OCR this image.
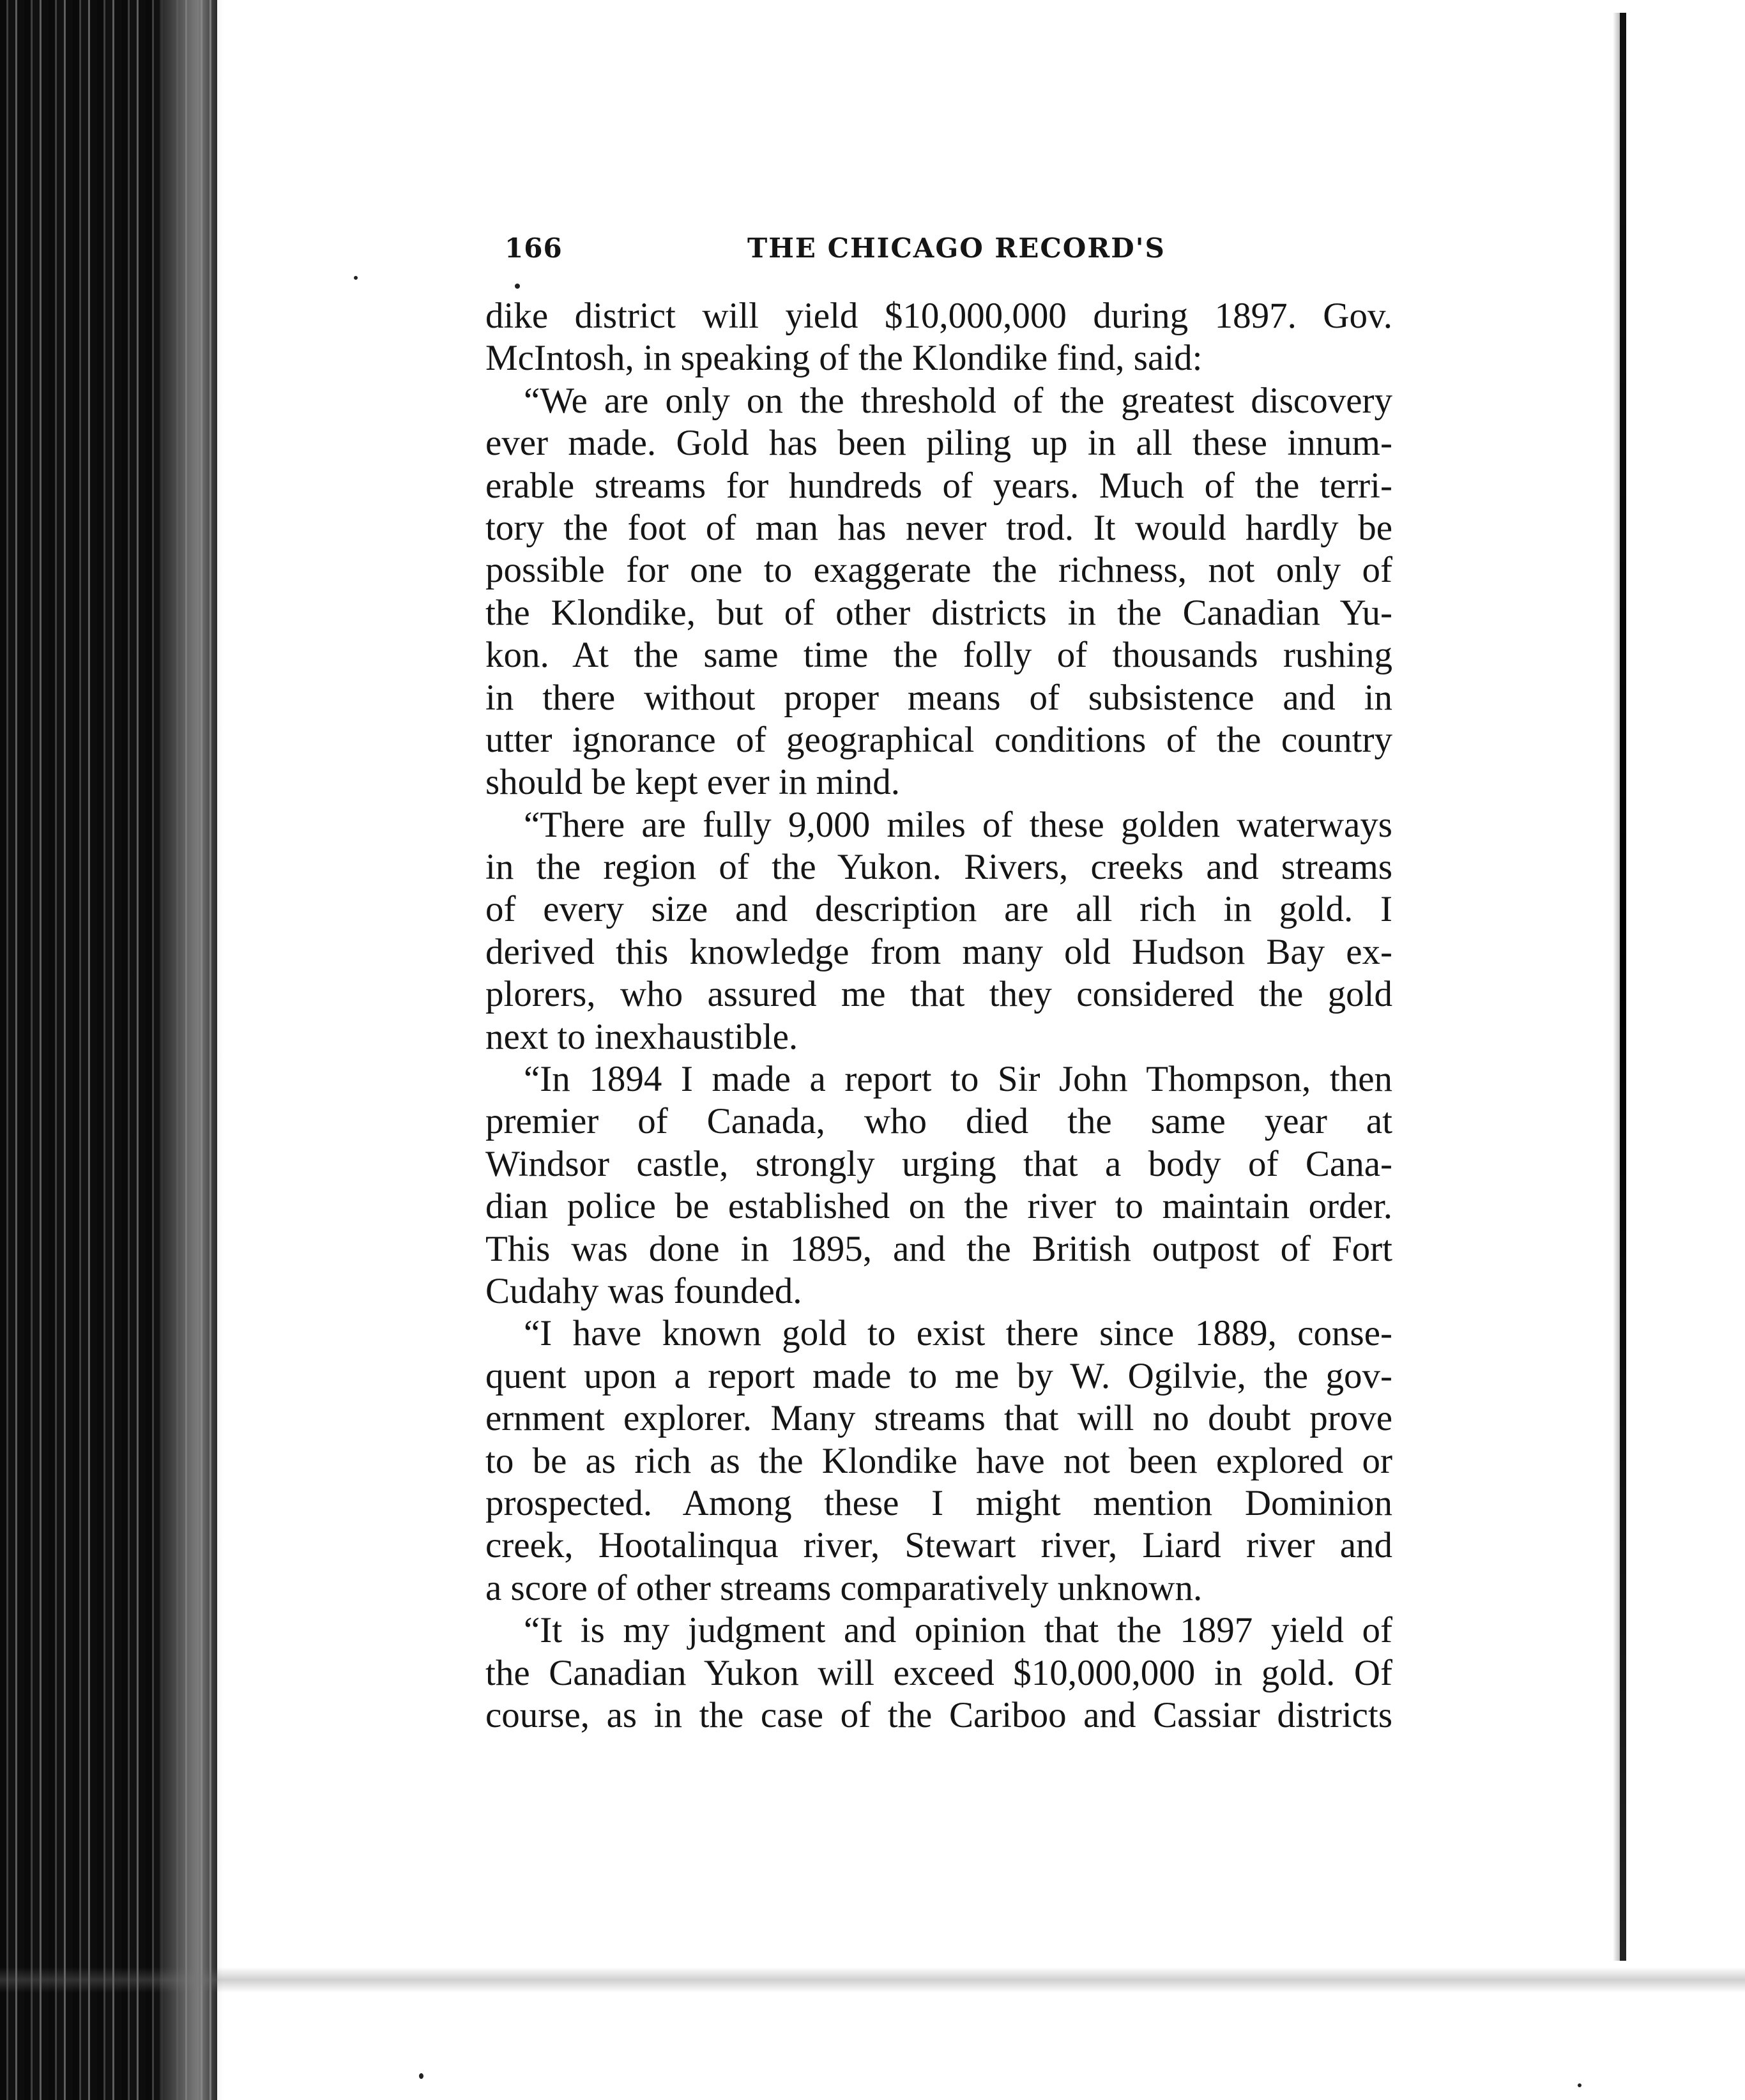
166	THE CHICAGO RECORD'S
dike district will yield $10,000,000 during 1897. Gov.
McIntosh, in speaking of the Klondike find, said:
“We are only on the threshold of the greatest discovery
ever made. Gold has been piling up in all these innum-
erable streams for hundreds of years. Much of the terri-
tory the foot of man has never trod. It would hardly be
possible for one to exaggerate the richness, not only of
the Klondike, but of other districts in the Canadian Yu-
kon. At the same time the folly of thousands rushing
in there without proper means of subsistence and in
utter ignorance of geographical conditions of the country
should be kept ever in mind.
“There are fully 9,000 miles of these golden waterways
in the region of the Yukon. Rivers, creeks and streams
of every size and description are all rich in gold. I
derived this knowledge from many old Hudson Bay ex-
plorers, who assured me that they considered the gold
next to inexhaustible.
“In 1894 I made a report to Sir John Thompson, then
premier of Canada, who died the same year at
Windsor castle, strongly urging that a body of Cana-
dian police be established on the river to maintain order.
This was done in 1895, and the British outpost of Fort
Cudahy was founded.
“I have known gold to exist there since 1889, conse-
quent upon a report made to me by W. Ogilvie, the gov-
ernment explorer. Many streams that will no doubt prove
to be as rich as the Klondike have not been explored or
prospected. Among these I might mention Dominion
creek, Hootalinqua river, Stewart river, Liard river and
a score of other streams comparatively unknown.
“It is my judgment and opinion that the 1897 yield of
the Canadian Yukon will exceed $10,000,000 in gold. Of
course, as in the case of the Cariboo and Cassiar districts
